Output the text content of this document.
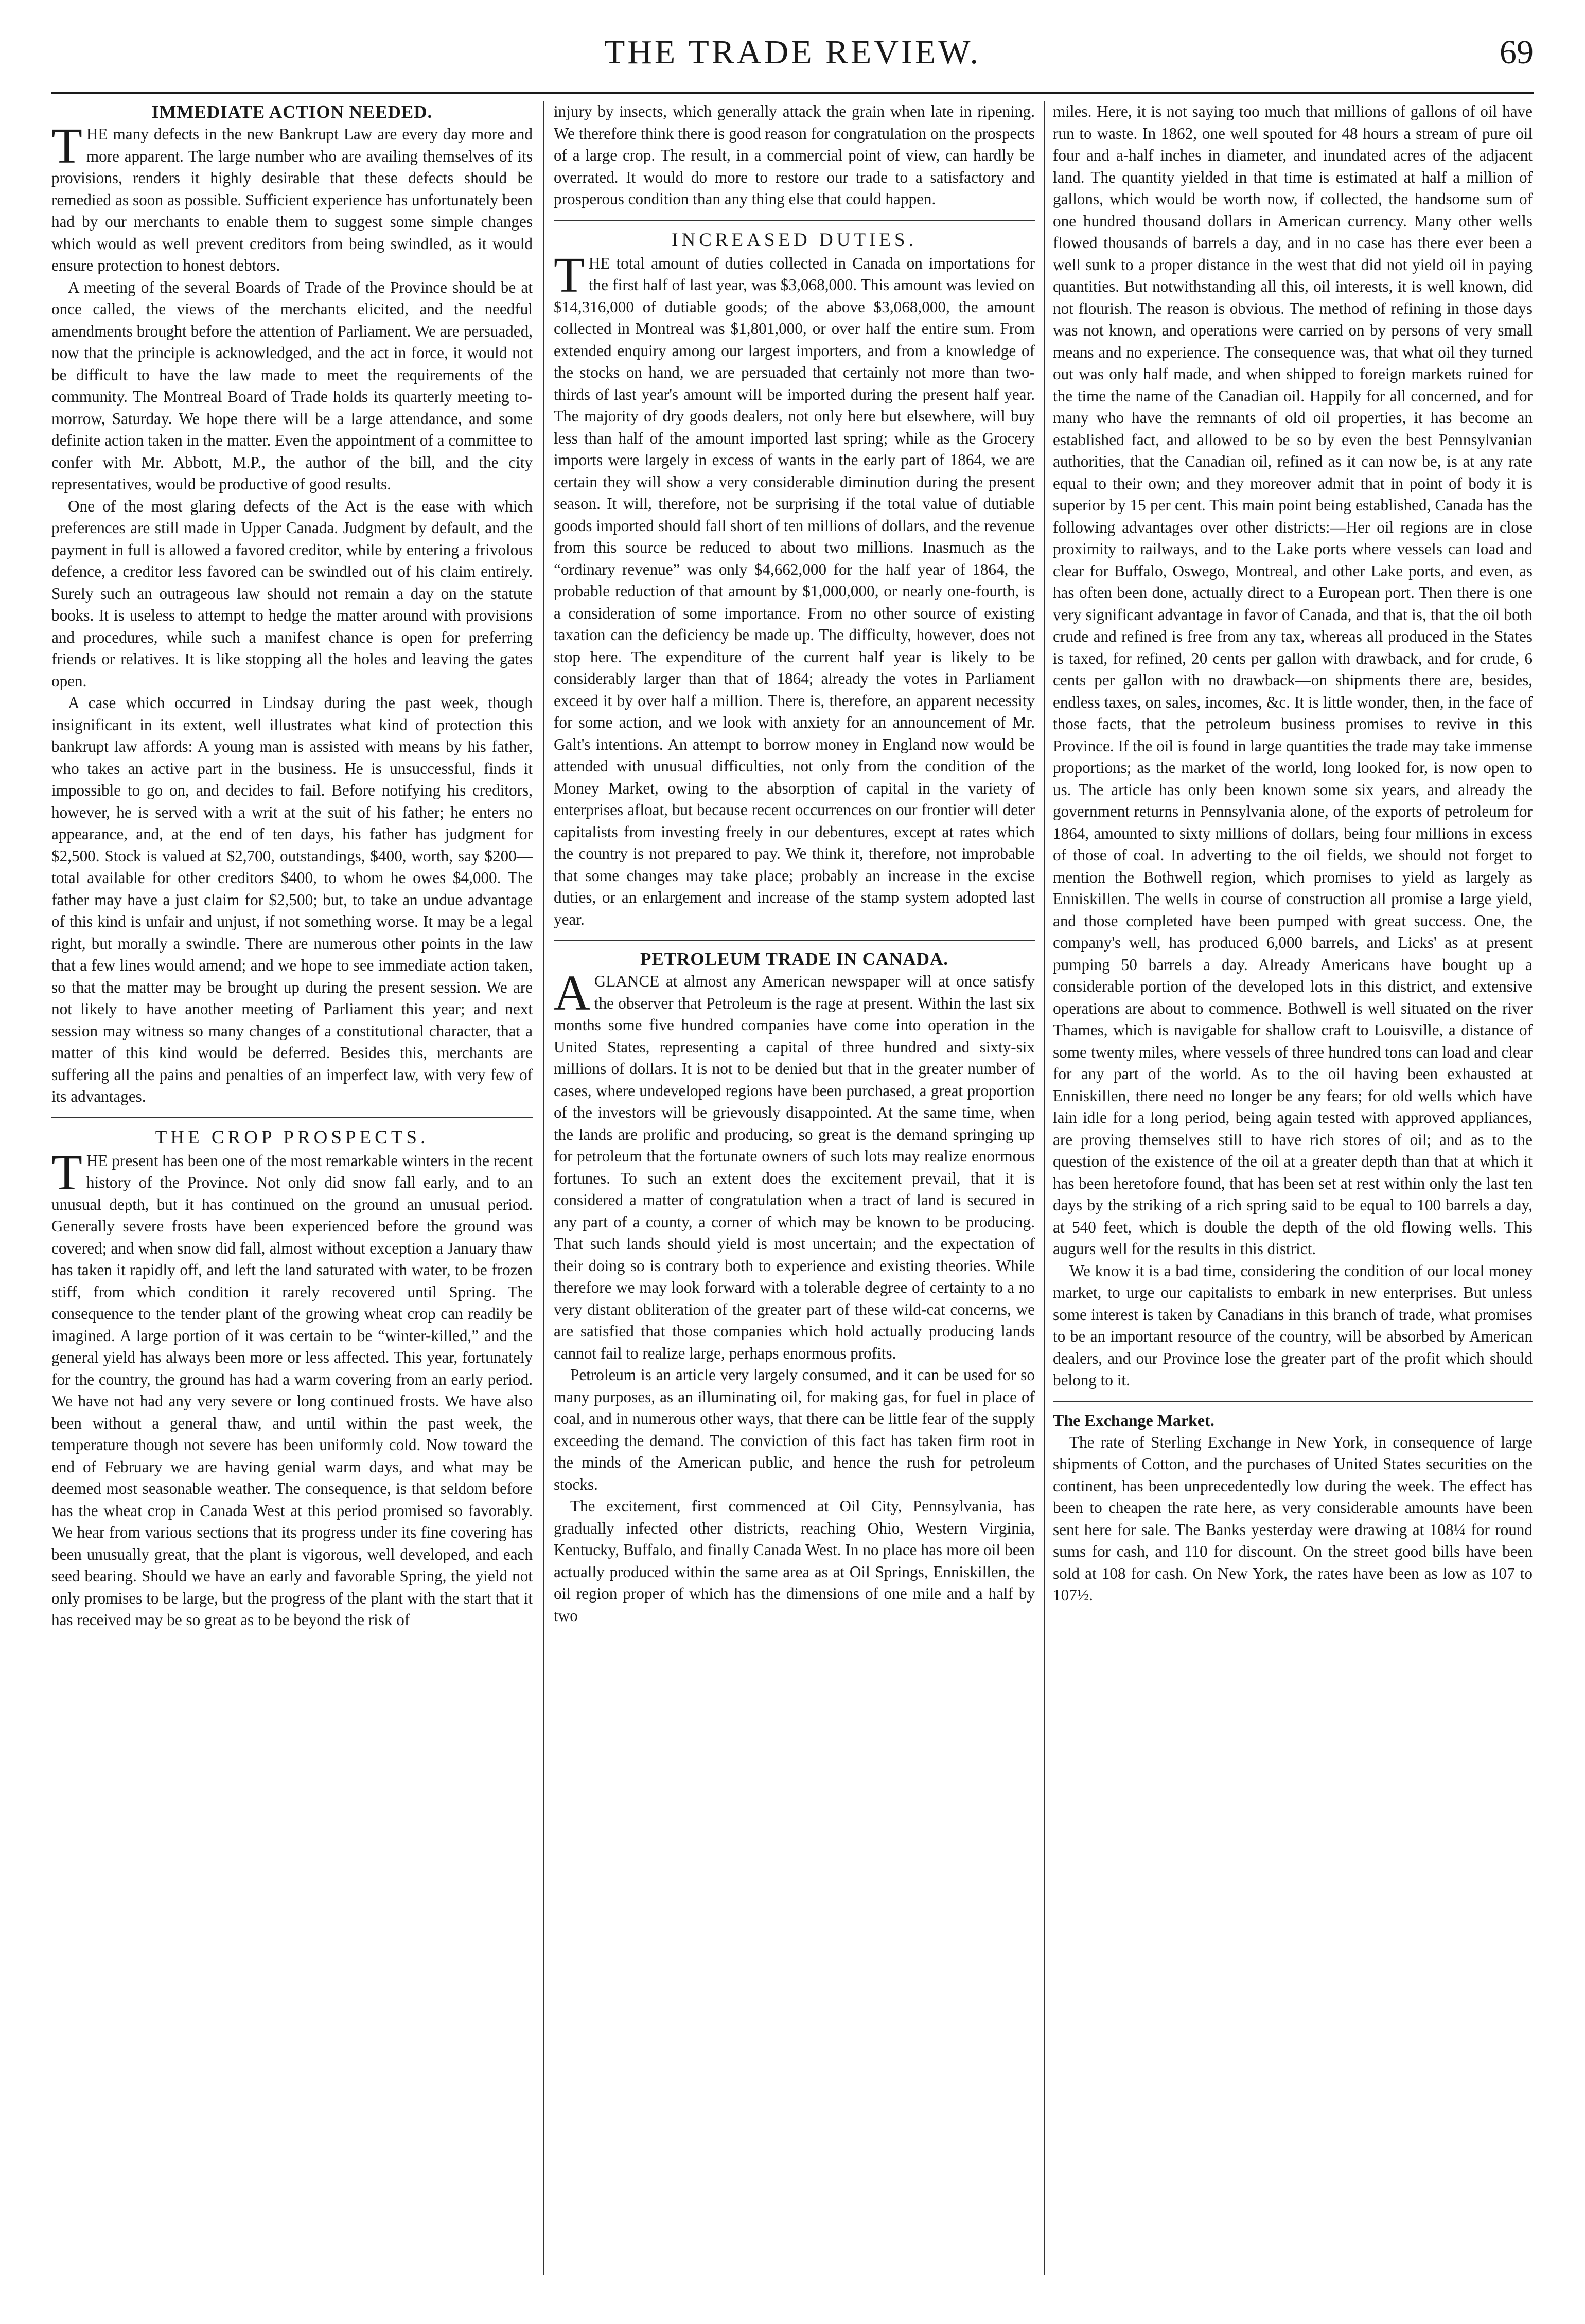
THE TRADE REVIEW.	69
IMMEDIATE ACTION NEEDED.

THE many defects in the new Bankrupt Law are every day more and more apparent. The large number who are availing themselves of its provisions, renders it highly desirable that these defects should be remedied as soon as possible. Sufficient experience has unfortunately been had by our merchants to enable them to suggest some simple changes which would as well prevent creditors from being swindled, as it would ensure protection to honest debtors.

A meeting of the several Boards of Trade of the Province should be at once called, the views of the merchants elicited, and the needful amendments brought before the attention of Parliament. We are persuaded, now that the principle is acknowledged, and the act in force, it would not be difficult to have the law made to meet the requirements of the community. The Montreal Board of Trade holds its quarterly meeting to-morrow, Saturday. We hope there will be a large attendance, and some definite action taken in the matter. Even the appointment of a committee to confer with Mr. Abbott, M.P., the author of the bill, and the city representatives, would be productive of good results.

One of the most glaring defects of the Act is the ease with which preferences are still made in Upper Canada. Judgment by default, and the payment in full is allowed a favored creditor, while by entering a frivolous defence, a creditor less favored can be swindled out of his claim entirely. Surely such an outrageous law should not remain a day on the statute books. It is useless to attempt to hedge the matter around with provisions and procedures, while such a manifest chance is open for preferring friends or relatives. It is like stopping all the holes and leaving the gates open.

A case which occurred in Lindsay during the past week, though insignificant in its extent, well illustrates what kind of protection this bankrupt law affords: A young man is assisted with means by his father, who takes an active part in the business. He is unsuccessful, finds it impossible to go on, and decides to fail. Before notifying his creditors, however, he is served with a writ at the suit of his father; he enters no appearance, and, at the end of ten days, his father has judgment for $2,500. Stock is valued at $2,700, outstandings, $400, worth, say $200—total available for other creditors $400, to whom he owes $4,000. The father may have a just claim for $2,500; but, to take an undue advantage of this kind is unfair and unjust, if not something worse. It may be a legal right, but morally a swindle. There are numerous other points in the law that a few lines would amend; and we hope to see immediate action taken, so that the matter may be brought up during the present session. We are not likely to have another meeting of Parliament this year; and next session may witness so many changes of a constitutional character, that a matter of this kind would be deferred. Besides this, merchants are suffering all the pains and penalties of an imperfect law, with very few of its advantages.

THE CROP PROSPECTS.

THE present has been one of the most remarkable winters in the recent history of the Province. Not only did snow fall early, and to an unusual depth, but it has continued on the ground an unusual period. Generally severe frosts have been experienced before the ground was covered; and when snow did fall, almost without exception a January thaw has taken it rapidly off, and left the land saturated with water, to be frozen stiff, from which condition it rarely recovered until Spring. The consequence to the tender plant of the growing wheat crop can readily be imagined. A large portion of it was certain to be “winter-killed,” and the general yield has always been more or less affected. This year, fortunately for the country, the ground has had a warm covering from an early period. We have not had any very severe or long continued frosts. We have also been without a general thaw, and until within the past week, the temperature though not severe has been uniformly cold. Now toward the end of February we are having genial warm days, and what may be deemed most seasonable weather. The consequence, is that seldom before has the wheat crop in Canada West at this period promised so favorably. We hear from various sections that its progress under its fine covering has been unusually great, that the plant is vigorous, well developed, and each seed bearing. Should we have an early and favorable Spring, the yield not only promises to be large, but the progress of the plant with the start that it has received may be so great as to be beyond the risk of

injury by insects, which generally attack the grain when late in ripening. We therefore think there is good reason for congratulation on the prospects of a large crop. The result, in a commercial point of view, can hardly be overrated. It would do more to restore our trade to a satisfactory and prosperous condition than any thing else that could happen.

INCREASED DUTIES.

THE total amount of duties collected in Canada on importations for the first half of last year, was $3,068,000. This amount was levied on $14,316,000 of dutiable goods; of the above $3,068,000, the amount collected in Montreal was $1,801,000, or over half the entire sum. From extended enquiry among our largest importers, and from a knowledge of the stocks on hand, we are persuaded that certainly not more than two-thirds of last year's amount will be imported during the present half year. The majority of dry goods dealers, not only here but elsewhere, will buy less than half of the amount imported last spring; while as the Grocery imports were largely in excess of wants in the early part of 1864, we are certain they will show a very considerable diminution during the present season. It will, therefore, not be surprising if the total value of dutiable goods imported should fall short of ten millions of dollars, and the revenue from this source be reduced to about two millions. Inasmuch as the “ordinary revenue” was only $4,662,000 for the half year of 1864, the probable reduction of that amount by $1,000,000, or nearly one-fourth, is a consideration of some importance. From no other source of existing taxation can the deficiency be made up. The difficulty, however, does not stop here. The expenditure of the current half year is likely to be considerably larger than that of 1864; already the votes in Parliament exceed it by over half a million. There is, therefore, an apparent necessity for some action, and we look with anxiety for an announcement of Mr. Galt's intentions. An attempt to borrow money in England now would be attended with unusual difficulties, not only from the condition of the Money Market, owing to the absorption of capital in the variety of enterprises afloat, but because recent occurrences on our frontier will deter capitalists from investing freely in our debentures, except at rates which the country is not prepared to pay. We think it, therefore, not improbable that some changes may take place; probably an increase in the excise duties, or an enlargement and increase of the stamp system adopted last year.

PETROLEUM TRADE IN CANADA.

AGLANCE at almost any American newspaper will at once satisfy the observer that Petroleum is the rage at present. Within the last six months some five hundred companies have come into operation in the United States, representing a capital of three hundred and sixty-six millions of dollars. It is not to be denied but that in the greater number of cases, where undeveloped regions have been purchased, a great proportion of the investors will be grievously disappointed. At the same time, when the lands are prolific and producing, so great is the demand springing up for petroleum that the fortunate owners of such lots may realize enormous fortunes. To such an extent does the excitement prevail, that it is considered a matter of congratulation when a tract of land is secured in any part of a county, a corner of which may be known to be producing. That such lands should yield is most uncertain; and the expectation of their doing so is contrary both to experience and existing theories. While therefore we may look forward with a tolerable degree of certainty to a no very distant obliteration of the greater part of these wild-cat concerns, we are satisfied that those companies which hold actually producing lands cannot fail to realize large, perhaps enormous profits.

Petroleum is an article very largely consumed, and it can be used for so many purposes, as an illuminating oil, for making gas, for fuel in place of coal, and in numerous other ways, that there can be little fear of the supply exceeding the demand. The conviction of this fact has taken firm root in the minds of the American public, and hence the rush for petroleum stocks.

The excitement, first commenced at Oil City, Pennsylvania, has gradually infected other districts, reaching Ohio, Western Virginia, Kentucky, Buffalo, and finally Canada West. In no place has more oil been actually produced within the same area as at Oil Springs, Enniskillen, the oil region proper of which has the dimensions of one mile and a half by two

miles. Here, it is not saying too much that millions of gallons of oil have run to waste. In 1862, one well spouted for 48 hours a stream of pure oil four and a-half inches in diameter, and inundated acres of the adjacent land. The quantity yielded in that time is estimated at half a million of gallons, which would be worth now, if collected, the handsome sum of one hundred thousand dollars in American currency. Many other wells flowed thousands of barrels a day, and in no case has there ever been a well sunk to a proper distance in the west that did not yield oil in paying quantities. But notwithstanding all this, oil interests, it is well known, did not flourish. The reason is obvious. The method of refining in those days was not known, and operations were carried on by persons of very small means and no experience. The consequence was, that what oil they turned out was only half made, and when shipped to foreign markets ruined for the time the name of the Canadian oil. Happily for all concerned, and for many who have the remnants of old oil properties, it has become an established fact, and allowed to be so by even the best Pennsylvanian authorities, that the Canadian oil, refined as it can now be, is at any rate equal to their own; and they moreover admit that in point of body it is superior by 15 per cent. This main point being established, Canada has the following advantages over other districts:—Her oil regions are in close proximity to railways, and to the Lake ports where vessels can load and clear for Buffalo, Oswego, Montreal, and other Lake ports, and even, as has often been done, actually direct to a European port. Then there is one very significant advantage in favor of Canada, and that is, that the oil both crude and refined is free from any tax, whereas all produced in the States is taxed, for refined, 20 cents per gallon with drawback, and for crude, 6 cents per gallon with no drawback—on shipments there are, besides, endless taxes, on sales, incomes, &c. It is little wonder, then, in the face of those facts, that the petroleum business promises to revive in this Province. If the oil is found in large quantities the trade may take immense proportions; as the market of the world, long looked for, is now open to us. The article has only been known some six years, and already the government returns in Pennsylvania alone, of the exports of petroleum for 1864, amounted to sixty millions of dollars, being four millions in excess of those of coal. In adverting to the oil fields, we should not forget to mention the Bothwell region, which promises to yield as largely as Enniskillen. The wells in course of construction all promise a large yield, and those completed have been pumped with great success. One, the company's well, has produced 6,000 barrels, and Licks' as at present pumping 50 barrels a day. Already Americans have bought up a considerable portion of the developed lots in this district, and extensive operations are about to commence. Bothwell is well situated on the river Thames, which is navigable for shallow craft to Louisville, a distance of some twenty miles, where vessels of three hundred tons can load and clear for any part of the world. As to the oil having been exhausted at Enniskillen, there need no longer be any fears; for old wells which have lain idle for a long period, being again tested with approved appliances, are proving themselves still to have rich stores of oil; and as to the question of the existence of the oil at a greater depth than that at which it has been heretofore found, that has been set at rest within only the last ten days by the striking of a rich spring said to be equal to 100 barrels a day, at 540 feet, which is double the depth of the old flowing wells. This augurs well for the results in this district.

We know it is a bad time, considering the condition of our local money market, to urge our capitalists to embark in new enterprises. But unless some interest is taken by Canadians in this branch of trade, what promises to be an important resource of the country, will be absorbed by American dealers, and our Province lose the greater part of the profit which should belong to it.

The Exchange Market.

The rate of Sterling Exchange in New York, in consequence of large shipments of Cotton, and the purchases of United States securities on the continent, has been unprecedentedly low during the week. The effect has been to cheapen the rate here, as very considerable amounts have been sent here for sale. The Banks yesterday were drawing at 108¼ for round sums for cash, and 110 for discount. On the street good bills have been sold at 108 for cash. On New York, the rates have been as low as 107 to 107½.
